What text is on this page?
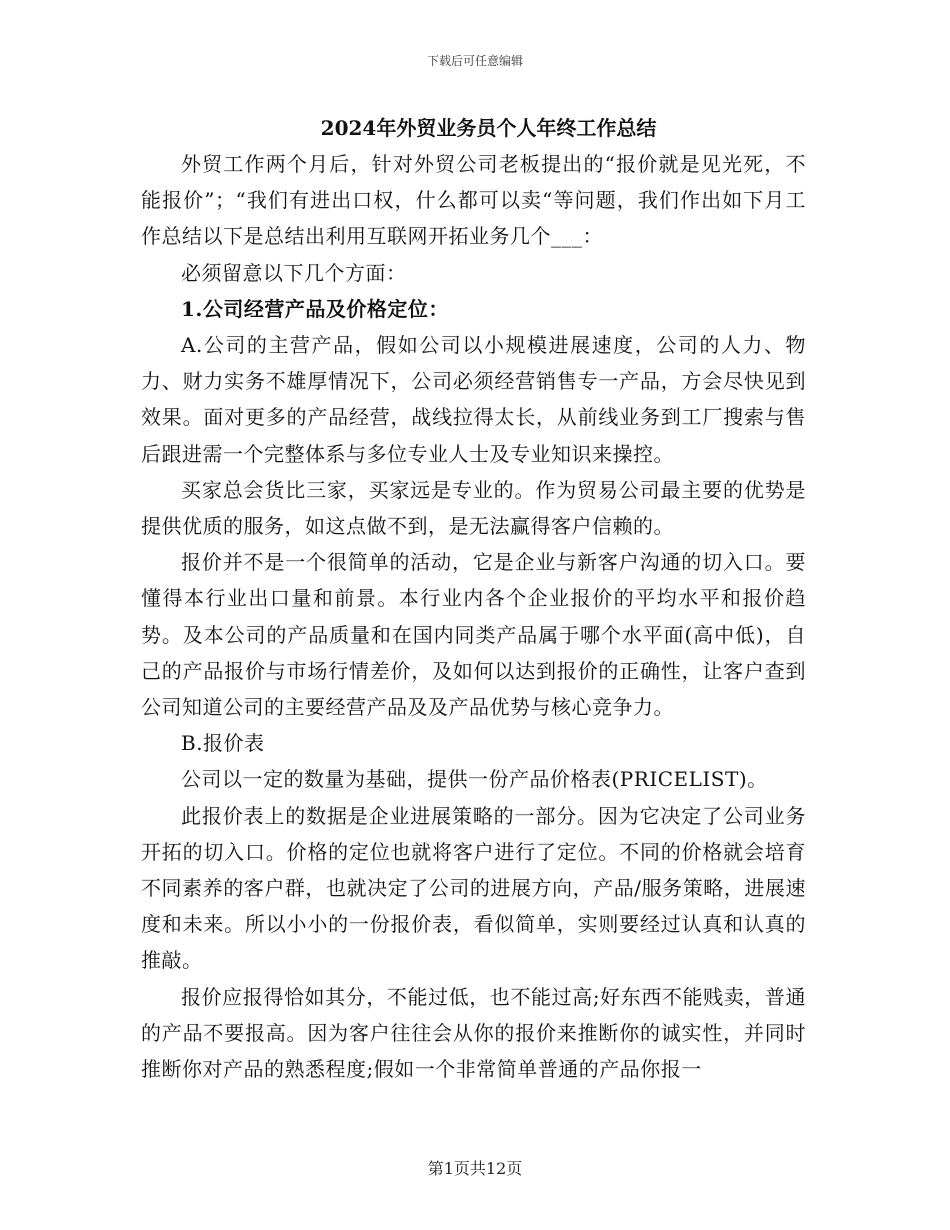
下载后可任意编辑
2024年外贸业务员个人年终工作总结

外贸工作两个月后，针对外贸公司老板提出的“报价就是见光死，不能报价”；“我们有进出口权，什么都可以卖“等问题，我们作出如下月工作总结以下是总结出利用互联网开拓业务几个___：

必须留意以下几个方面：

1.公司经营产品及价格定位：

A.公司的主营产品，假如公司以小规模进展速度，公司的人力、物力、财力实务不雄厚情况下，公司必须经营销售专一产品，方会尽快见到效果。面对更多的产品经营，战线拉得太长，从前线业务到工厂搜索与售后跟进需一个完整体系与多位专业人士及专业知识来操控。

买家总会货比三家，买家远是专业的。作为贸易公司最主要的优势是提供优质的服务，如这点做不到，是无法赢得客户信赖的。

报价并不是一个很简单的活动，它是企业与新客户沟通的切入口。要懂得本行业出口量和前景。本行业内各个企业报价的平均水平和报价趋势。及本公司的产品质量和在国内同类产品属于哪个水平面(高中低)，自己的产品报价与市场行情差价，及如何以达到报价的正确性，让客户查到公司知道公司的主要经营产品及及产品优势与核心竞争力。

B.报价表

公司以一定的数量为基础，提供一份产品价格表(PRICELIST)。

此报价表上的数据是企业进展策略的一部分。因为它决定了公司业务开拓的切入口。价格的定位也就将客户进行了定位。不同的价格就会培育不同素养的客户群，也就决定了公司的进展方向，产品/服务策略，进展速度和未来。所以小小的一份报价表，看似简单，实则要经过认真和认真的推敲。

报价应报得恰如其分，不能过低，也不能过高;好东西不能贱卖，普通的产品不要报高。因为客户往往会从你的报价来推断你的诚实性，并同时推断你对产品的熟悉程度;假如一个非常简单普通的产品你报一

第1页共12页
